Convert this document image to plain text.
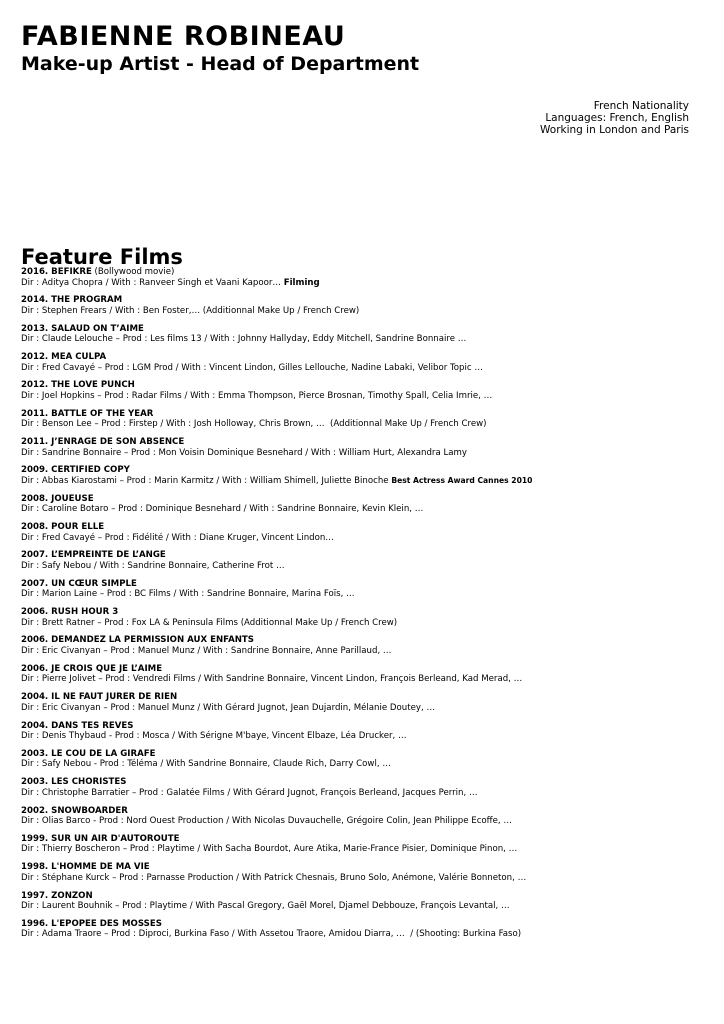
FABIENNE ROBINEAU
Make-up Artist - Head of Department
French Nationality
Languages: French, English
Working in London and Paris
Feature Films
2016. BEFIKRE (Bollywood movie)
Dir : Aditya Chopra / With : Ranveer Singh et Vaani Kapoor… Filming
2014. THE PROGRAM
Dir : Stephen Frears / With : Ben Foster,… (Additionnal Make Up / French Crew)
2013. SALAUD ON T’AIME
Dir : Claude Lelouche – Prod : Les films 13 / With : Johnny Hallyday, Eddy Mitchell, Sandrine Bonnaire …
2012. MEA CULPA
Dir : Fred Cavayé – Prod : LGM Prod / With : Vincent Lindon, Gilles Lellouche, Nadine Labaki, Velibor Topic …
2012. THE LOVE PUNCH
Dir : Joel Hopkins – Prod : Radar Films / With : Emma Thompson, Pierce Brosnan, Timothy Spall, Celia Imrie, …
2011. BATTLE OF THE YEAR
Dir : Benson Lee – Prod : Firstep / With : Josh Holloway, Chris Brown, …  (Additionnal Make Up / French Crew)
2011. J’ENRAGE DE SON ABSENCE
Dir : Sandrine Bonnaire – Prod : Mon Voisin Dominique Besnehard / With : William Hurt, Alexandra Lamy
2009. CERTIFIED COPY
Dir : Abbas Kiarostami – Prod : Marin Karmitz / With : William Shimell, Juliette Binoche Best Actress Award Cannes 2010
2008. JOUEUSE
Dir : Caroline Botaro – Prod : Dominique Besnehard / With : Sandrine Bonnaire, Kevin Klein, …
2008. POUR ELLE
Dir : Fred Cavayé – Prod : Fidélité / With : Diane Kruger, Vincent Lindon…
2007. L’EMPREINTE DE L’ANGE
Dir : Safy Nebou / With : Sandrine Bonnaire, Catherine Frot …
2007. UN CŒUR SIMPLE
Dir : Marion Laine – Prod : BC Films / With : Sandrine Bonnaire, Marina Foïs, …
2006. RUSH HOUR 3
Dir : Brett Ratner – Prod : Fox LA & Peninsula Films (Additionnal Make Up / French Crew)
2006. DEMANDEZ LA PERMISSION AUX ENFANTS
Dir : Eric Civanyan – Prod : Manuel Munz / With : Sandrine Bonnaire, Anne Parillaud, …
2006. JE CROIS QUE JE L’AIME
Dir : Pierre Jolivet – Prod : Vendredi Films / With Sandrine Bonnaire, Vincent Lindon, François Berleand, Kad Merad, …
2004. IL NE FAUT JURER DE RIEN
Dir : Eric Civanyan – Prod : Manuel Munz / With Gérard Jugnot, Jean Dujardin, Mélanie Doutey, …
2004. DANS TES REVES
Dir : Denis Thybaud - Prod : Mosca / With Sérigne M'baye, Vincent Elbaze, Léa Drucker, …
2003. LE COU DE LA GIRAFE
Dir : Safy Nebou - Prod : Téléma / With Sandrine Bonnaire, Claude Rich, Darry Cowl, …
2003. LES CHORISTES
Dir : Christophe Barratier – Prod : Galatée Films / With Gérard Jugnot, François Berleand, Jacques Perrin, …
2002. SNOWBOARDER
Dir : Olias Barco - Prod : Nord Ouest Production / With Nicolas Duvauchelle, Grégoire Colin, Jean Philippe Ecoffe, …
1999. SUR UN AIR D'AUTOROUTE
Dir : Thierry Boscheron – Prod : Playtime / With Sacha Bourdot, Aure Atika, Marie-France Pisier, Dominique Pinon, …
1998. L'HOMME DE MA VIE
Dir : Stéphane Kurck – Prod : Parnasse Production / With Patrick Chesnais, Bruno Solo, Anémone, Valérie Bonneton, …
1997. ZONZON
Dir : Laurent Bouhnik – Prod : Playtime / With Pascal Gregory, Gaël Morel, Djamel Debbouze, François Levantal, …
1996. L'EPOPEE DES MOSSES
Dir : Adama Traore – Prod : Diproci, Burkina Faso / With Assetou Traore, Amidou Diarra, …  / (Shooting: Burkina Faso)
